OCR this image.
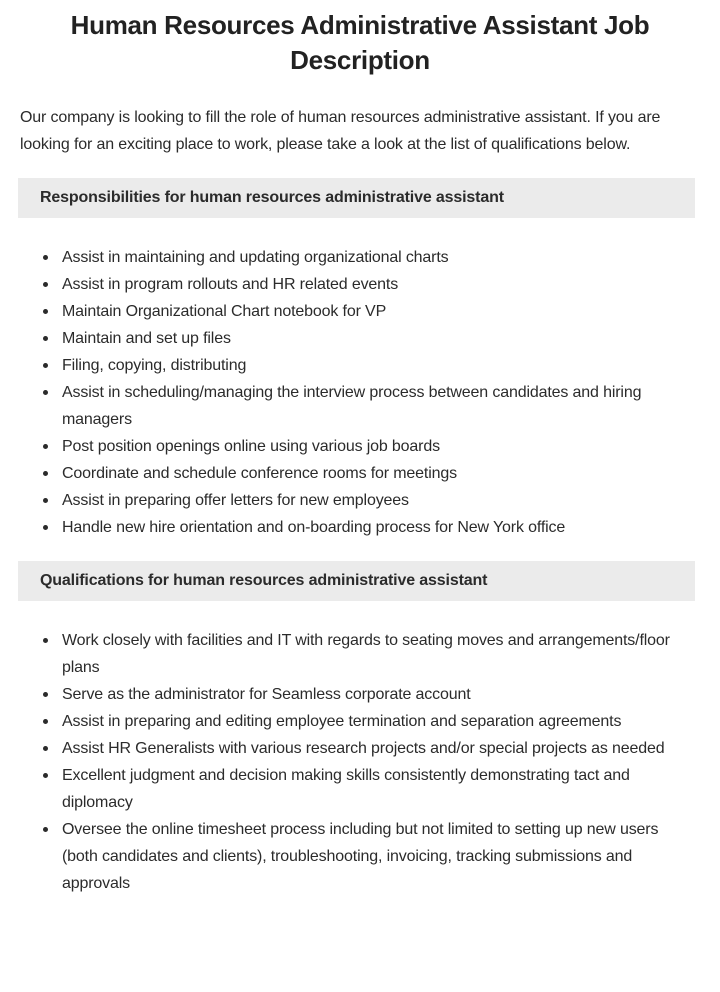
Human Resources Administrative Assistant Job Description

Our company is looking to fill the role of human resources administrative assistant. If you are looking for an exciting place to work, please take a look at the list of qualifications below.

Responsibilities for human resources administrative assistant
Assist in maintaining and updating organizational charts
Assist in program rollouts and HR related events
Maintain Organizational Chart notebook for VP
Maintain and set up files
Filing, copying, distributing
Assist in scheduling/managing the interview process between candidates and hiring managers
Post position openings online using various job boards
Coordinate and schedule conference rooms for meetings
Assist in preparing offer letters for new employees
Handle new hire orientation and on-boarding process for New York office
Qualifications for human resources administrative assistant
Work closely with facilities and IT with regards to seating moves and arrangements/floor plans
Serve as the administrator for Seamless corporate account
Assist in preparing and editing employee termination and separation agreements
Assist HR Generalists with various research projects and/or special projects as needed
Excellent judgment and decision making skills consistently demonstrating tact and diplomacy
Oversee the online timesheet process including but not limited to setting up new users (both candidates and clients), troubleshooting, invoicing, tracking submissions and approvals
